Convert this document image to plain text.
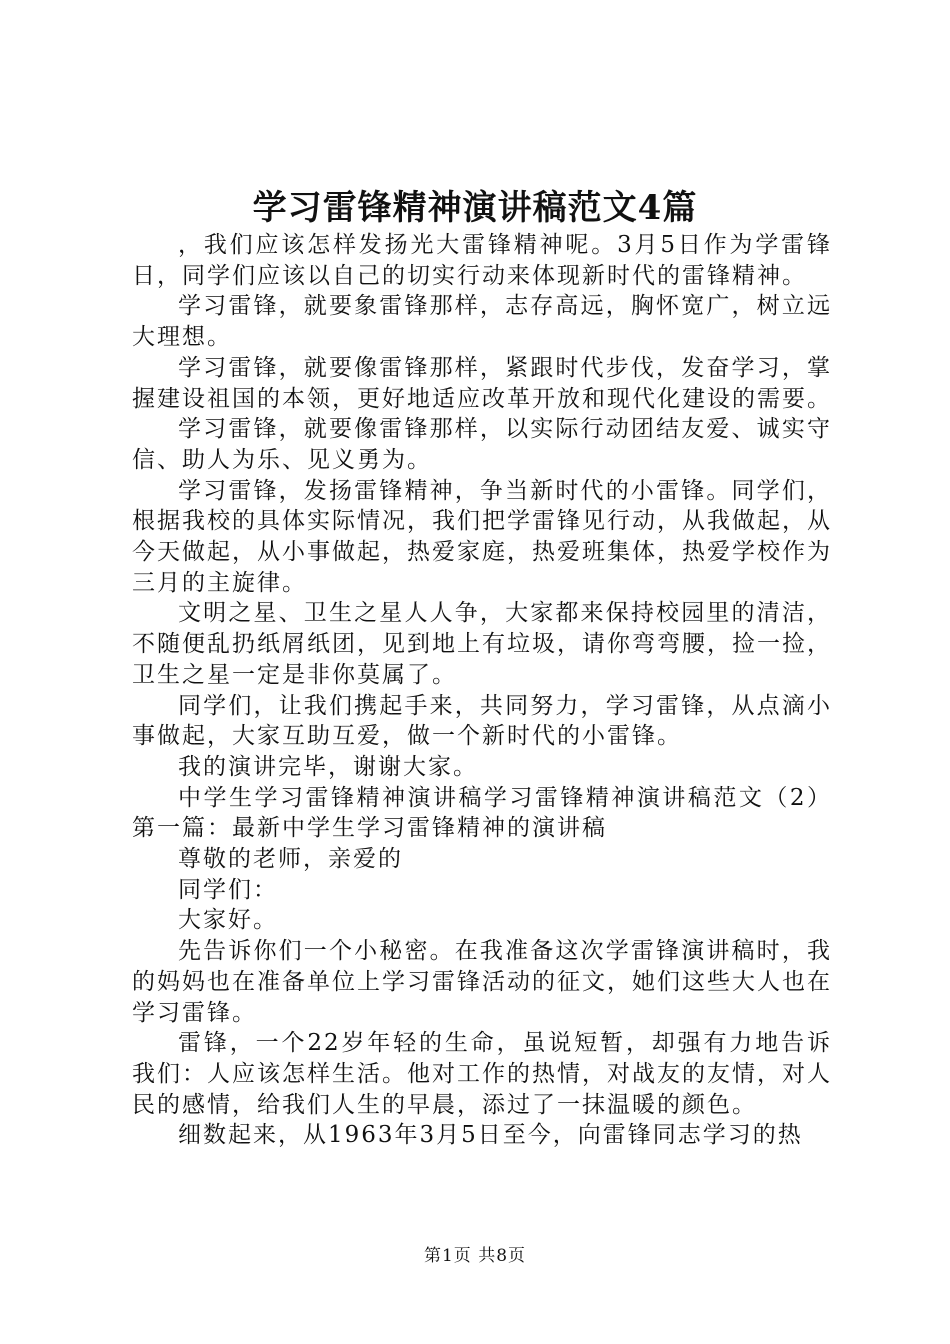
学习雷锋精神演讲稿范文4篇

，我们应该怎样发扬光大雷锋精神呢。3月5日作为学雷锋日，同学们应该以自己的切实行动来体现新时代的雷锋精神。

学习雷锋，就要象雷锋那样，志存高远，胸怀宽广，树立远大理想。

学习雷锋，就要像雷锋那样，紧跟时代步伐，发奋学习，掌握建设祖国的本领，更好地适应改革开放和现代化建设的需要。

学习雷锋，就要像雷锋那样，以实际行动团结友爱、诚实守信、助人为乐、见义勇为。

学习雷锋，发扬雷锋精神，争当新时代的小雷锋。同学们，根据我校的具体实际情况，我们把学雷锋见行动，从我做起，从今天做起，从小事做起，热爱家庭，热爱班集体，热爱学校作为三月的主旋律。

文明之星、卫生之星人人争，大家都来保持校园里的清洁，不随便乱扔纸屑纸团，见到地上有垃圾，请你弯弯腰，捡一捡，卫生之星一定是非你莫属了。

同学们，让我们携起手来，共同努力，学习雷锋，从点滴小事做起，大家互助互爱，做一个新时代的小雷锋。

我的演讲完毕，谢谢大家。

中学生学习雷锋精神演讲稿学习雷锋精神演讲稿范文（2）第一篇：最新中学生学习雷锋精神的演讲稿

尊敬的老师，亲爱的

同学们：

大家好。

先告诉你们一个小秘密。在我准备这次学雷锋演讲稿时，我的妈妈也在准备单位上学习雷锋活动的征文，她们这些大人也在学习雷锋。

雷锋，一个22岁年轻的生命，虽说短暂，却强有力地告诉我们：人应该怎样生活。他对工作的热情，对战友的友情，对人民的感情，给我们人生的早晨，添过了一抹温暖的颜色。

细数起来，从1963年3月5日至今，向雷锋同志学习的热

第1页 共8页
